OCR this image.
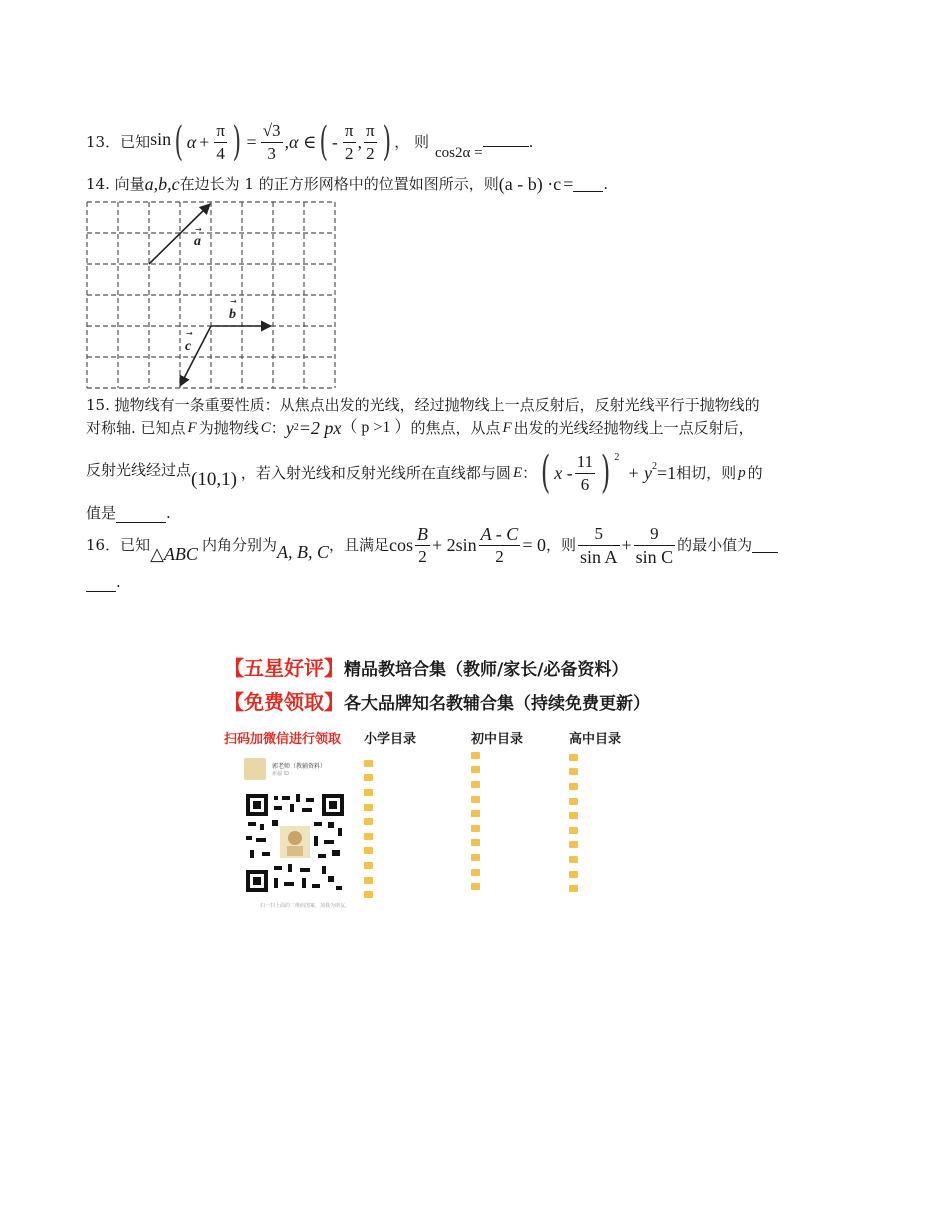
13．已知 sin ( $\alpha + \frac{\pi}{4}$ ) = $\frac{√3}{3} ,\alpha$ ∈ ( - $\frac{\pi}{2}$ , $\frac{\pi}{2}$ ) ， 则
cos2α =
.
14. 向量 a,b,c 在边长为 1 的正方形网格中的位置如图所示，则 (a - b) ·c = .
a
→
b
→
c
→
15. 抛物线有一条重要性质：从焦点出发的光线，经过抛物线上一点反射后，反射光线平行于抛物线的
对称轴. 已知点 F 为抛物线 C ： y 2 =2 px （ p >1 ） 的焦点，从点 F 出发的光线经抛物线上一点反射后，
反射光线经过点 (10,1) ，若入射光线和反射光线所在直线都与圆 E ： ( x - $\frac{11}{6}$ ) $^2$
+ $y^2 =1$ 相切，则 p 的
值是	.
16．已知 △ABC 内角分别为 A, B, C ，且满足 $\cos \frac{B}{2} + 2\sin \frac{A - C}{2} = 0$ ，则 $\frac{5}{\text{sin A}} + \frac{9}{\text{sin C}}$ 的最小值为
.
【五星好评】精品教培合集（教师/家长/必备资料）
【免费领取】各大品牌知名教辅合集（持续免费更新）
扫码加微信进行领取 小学目录	初中目录	高中目录
郭老师（教辅资料）
新疆 ID
扫一扫上面的二维码图案，加我为朋友。
